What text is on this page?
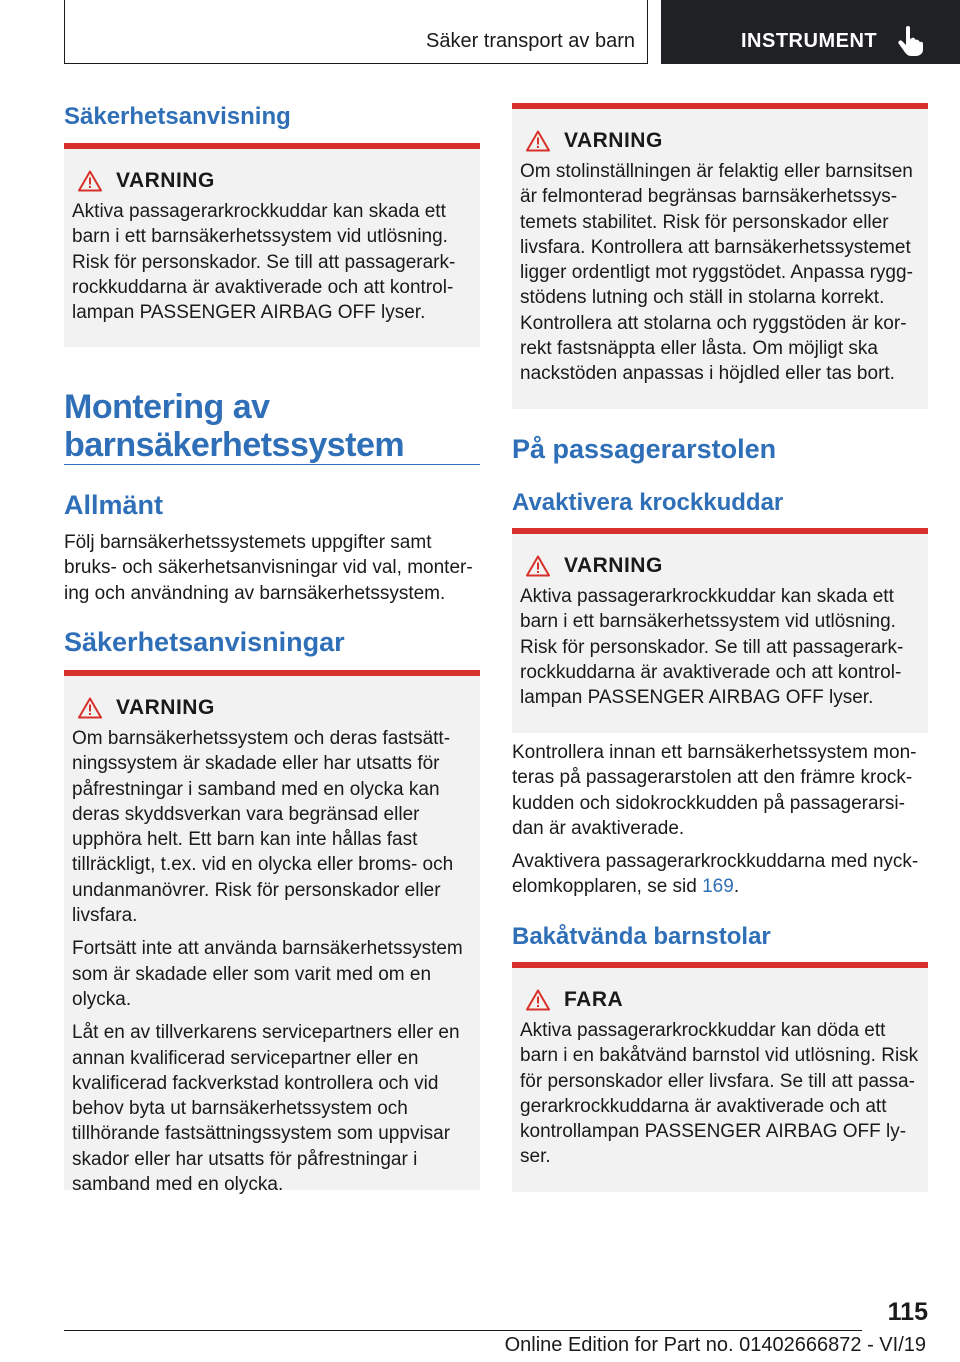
Säker transport av barn	INSTRUMENT
Säkerhetsanvisning
VARNING

Aktiva passagerarkrockkuddar kan skada ett barn i ett barnsäkerhetssystem vid utlösning. Risk för personskador. Se till att passagerarkrockkuddarna är avaktiverade och att kontrollampan PASSENGER AIRBAG OFF lyser.

Montering av barnsäkerhetssystem
Allmänt

Följ barnsäkerhetssystemets uppgifter samt bruks- och säkerhetsanvisningar vid val, montering och användning av barnsäkerhetssystem.

Säkerhetsanvisningar
VARNING

Om barnsäkerhetssystem och deras fastsättningssystem är skadade eller har utsatts för påfrestningar i samband med en olycka kan deras skyddsverkan vara begränsad eller upphöra helt. Ett barn kan inte hållas fast tillräckligt, t.ex. vid en olycka eller broms- och undanmanövrer. Risk för personskador eller livsfara.

Fortsätt inte att använda barnsäkerhetssystem som är skadade eller som varit med om en olycka.

Låt en av tillverkarens servicepartners eller en annan kvalificerad servicepartner eller en kvalificerad fackverkstad kontrollera och vid behov byta ut barnsäkerhetssystem och tillhörande fastsättningssystem som uppvisar skador eller har utsatts för påfrestningar i samband med en olycka.

VARNING

Om stolinställningen är felaktig eller barnsitsen är felmonterad begränsas barnsäkerhetssystemets stabilitet. Risk för personskador eller livsfara. Kontrollera att barnsäkerhetssystemet ligger ordentligt mot ryggstödet. Anpassa ryggstödens lutning och ställ in stolarna korrekt. Kontrollera att stolarna och ryggstöden är korrekt fastsnäppta eller låsta. Om möjligt ska nackstöden anpassas i höjdled eller tas bort.

På passagerarstolen
Avaktivera krockkuddar
VARNING

Aktiva passagerarkrockkuddar kan skada ett barn i ett barnsäkerhetssystem vid utlösning. Risk för personskador. Se till att passagerarkrockkuddarna är avaktiverade och att kontrollampan PASSENGER AIRBAG OFF lyser.

Kontrollera innan ett barnsäkerhetssystem monteras på passagerarstolen att den främre krockkudden och sidokrockkudden på passagerarsidan är avaktiverade.

Avaktivera passagerarkrockkuddarna med nyckelomkopplaren, se sid 169.

Bakåtvända barnstolar
FARA

Aktiva passagerarkrockkuddar kan döda ett barn i en bakåtvänd barnstol vid utlösning. Risk för personskador eller livsfara. Se till att passagerarkrockkuddarna är avaktiverade och att kontrollampan PASSENGER AIRBAG OFF lyser.

115
Online Edition for Part no. 01402666872 - VI/19
